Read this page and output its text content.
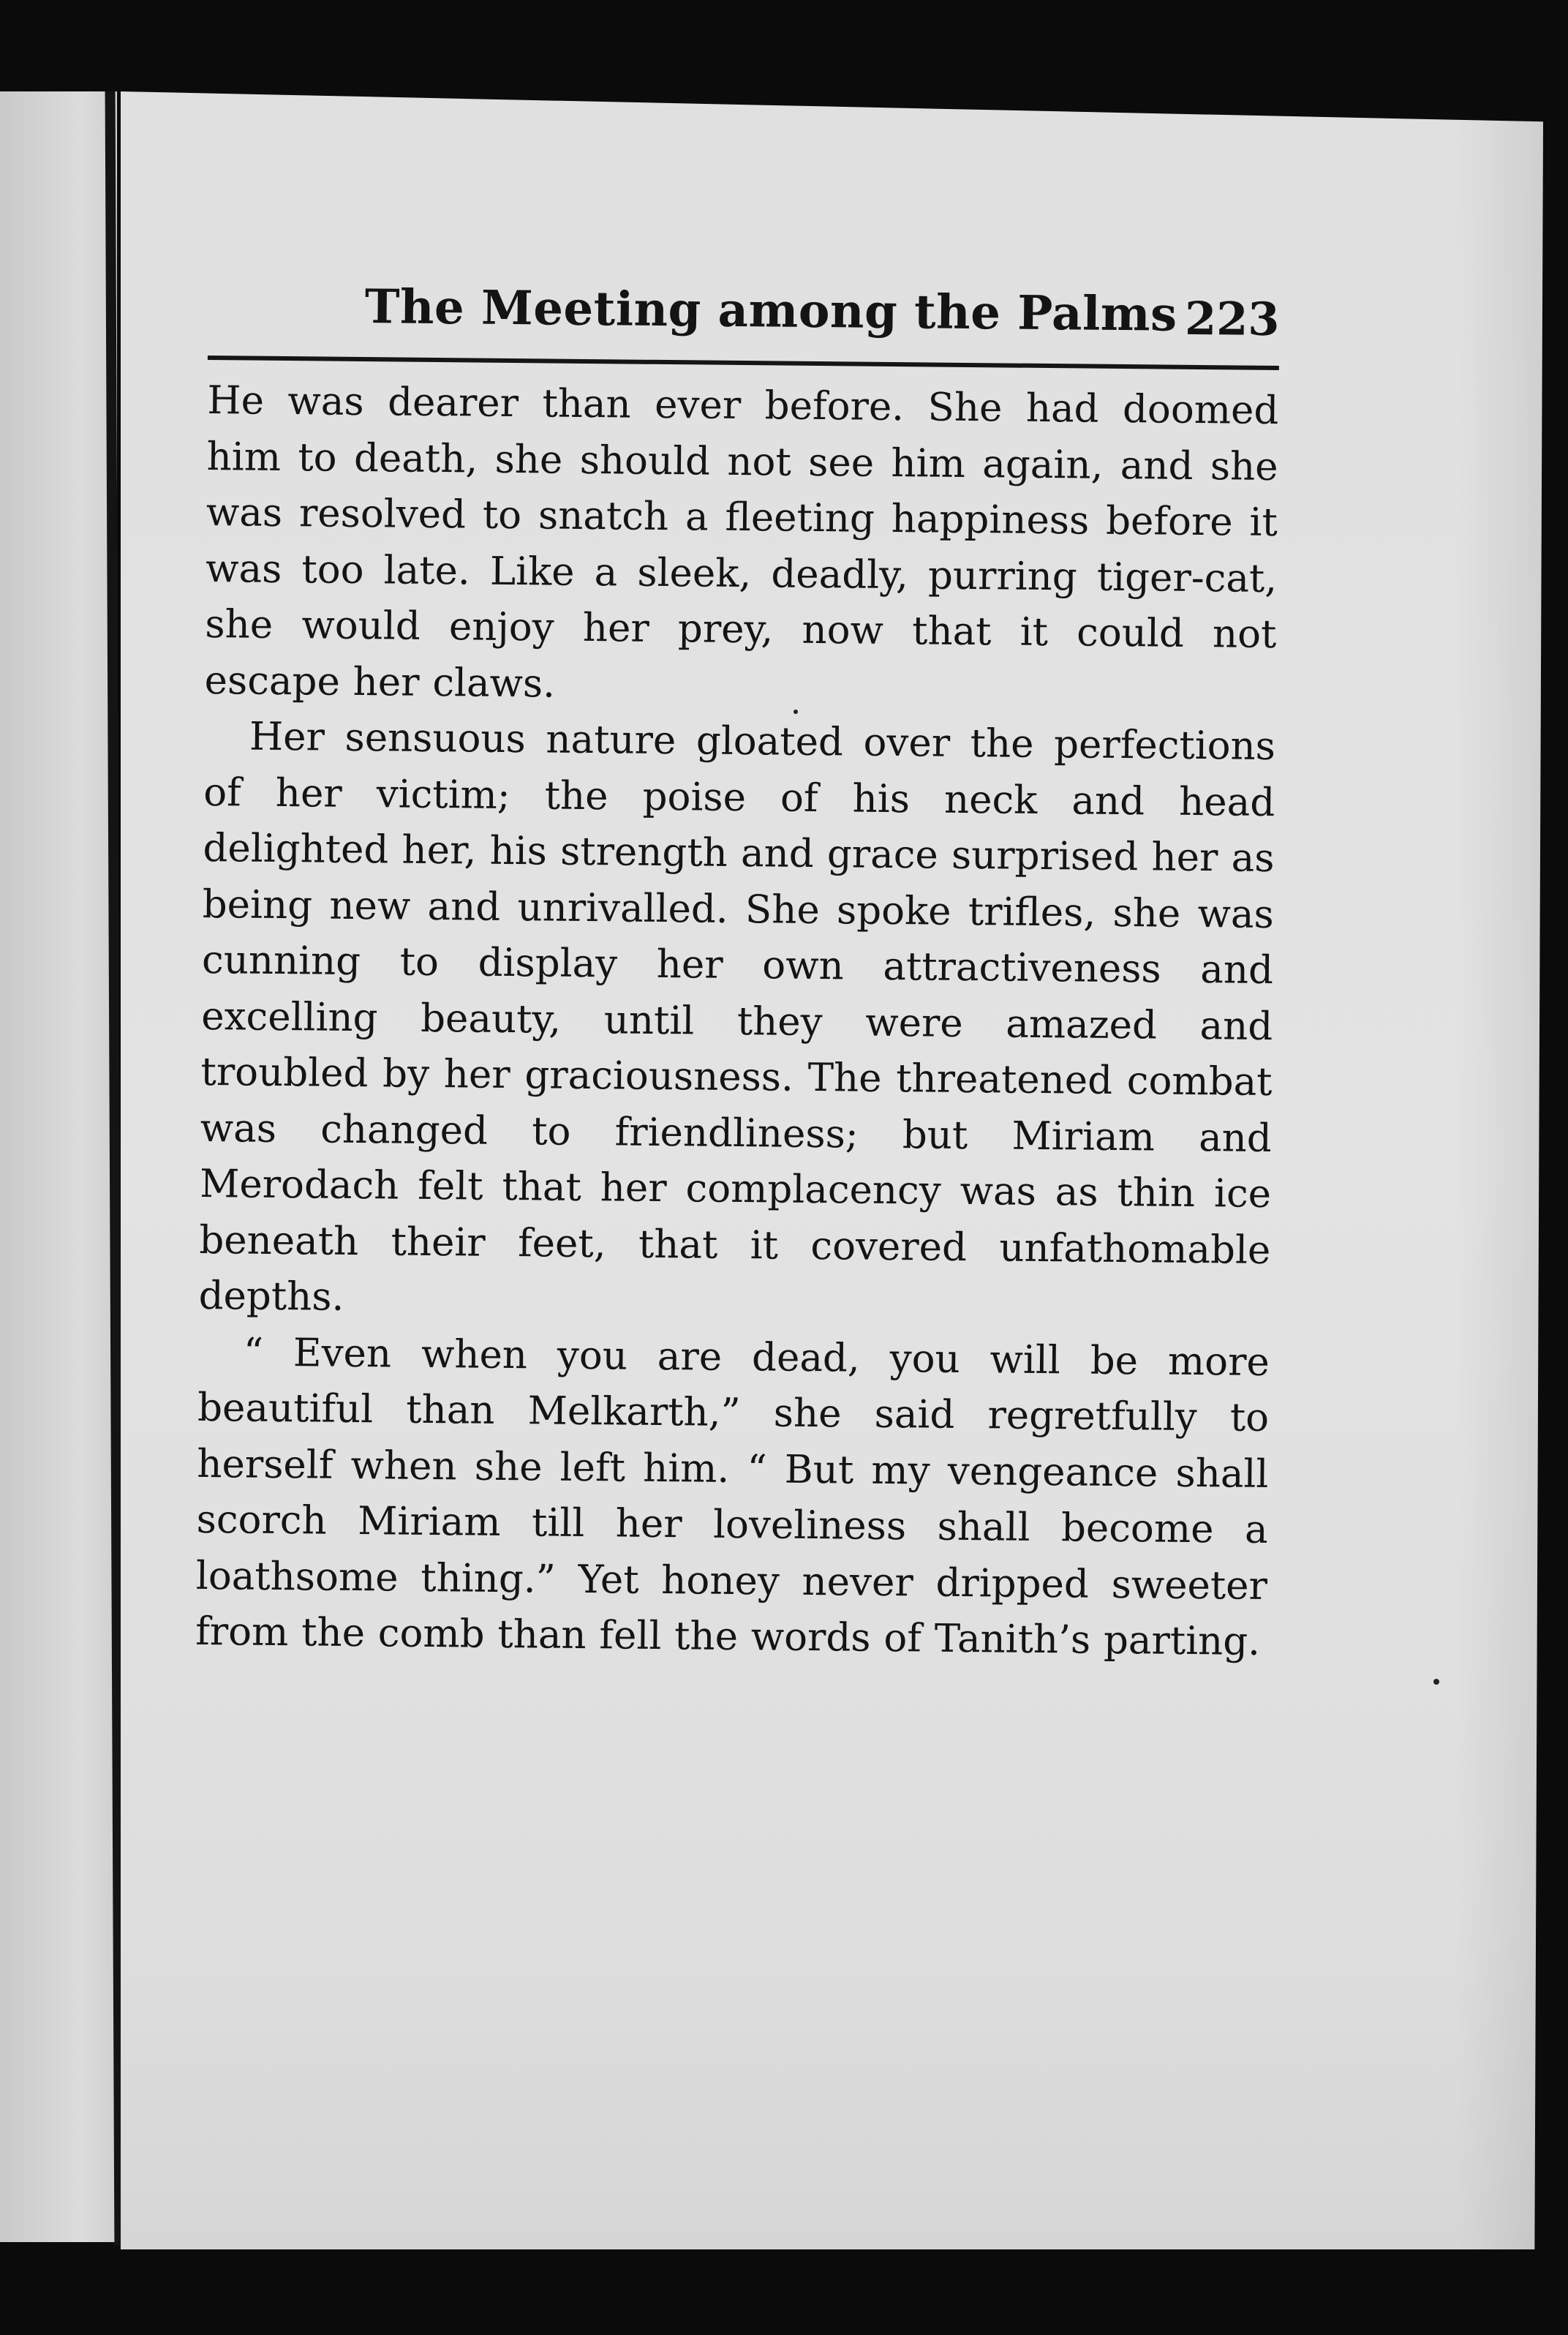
The Meeting among the Palms 223

He was dearer than ever before. She had doomed him to death, she should not see him again, and she was resolved to snatch a fleeting happiness before it was too late. Like a sleek, deadly, purring tiger-cat, she would enjoy her prey, now that it could not escape her claws.

Her sensuous nature gloated over the perfections of her victim; the poise of his neck and head delighted her, his strength and grace surprised her as being new and unrivalled. She spoke trifles, she was cunning to display her own attractiveness and excelling beauty, until they were amazed and troubled by her graciousness. The threatened combat was changed to friendliness; but Miriam and Merodach felt that her complacency was as thin ice beneath their feet, that it covered unfathomable depths.

“ Even when you are dead, you will be more beautiful than Melkarth,” she said regretfully to herself when she left him. “ But my vengeance shall scorch Miriam till her loveliness shall become a loathsome thing.” Yet honey never dripped sweeter from the comb than fell the words of Tanith’s parting.
